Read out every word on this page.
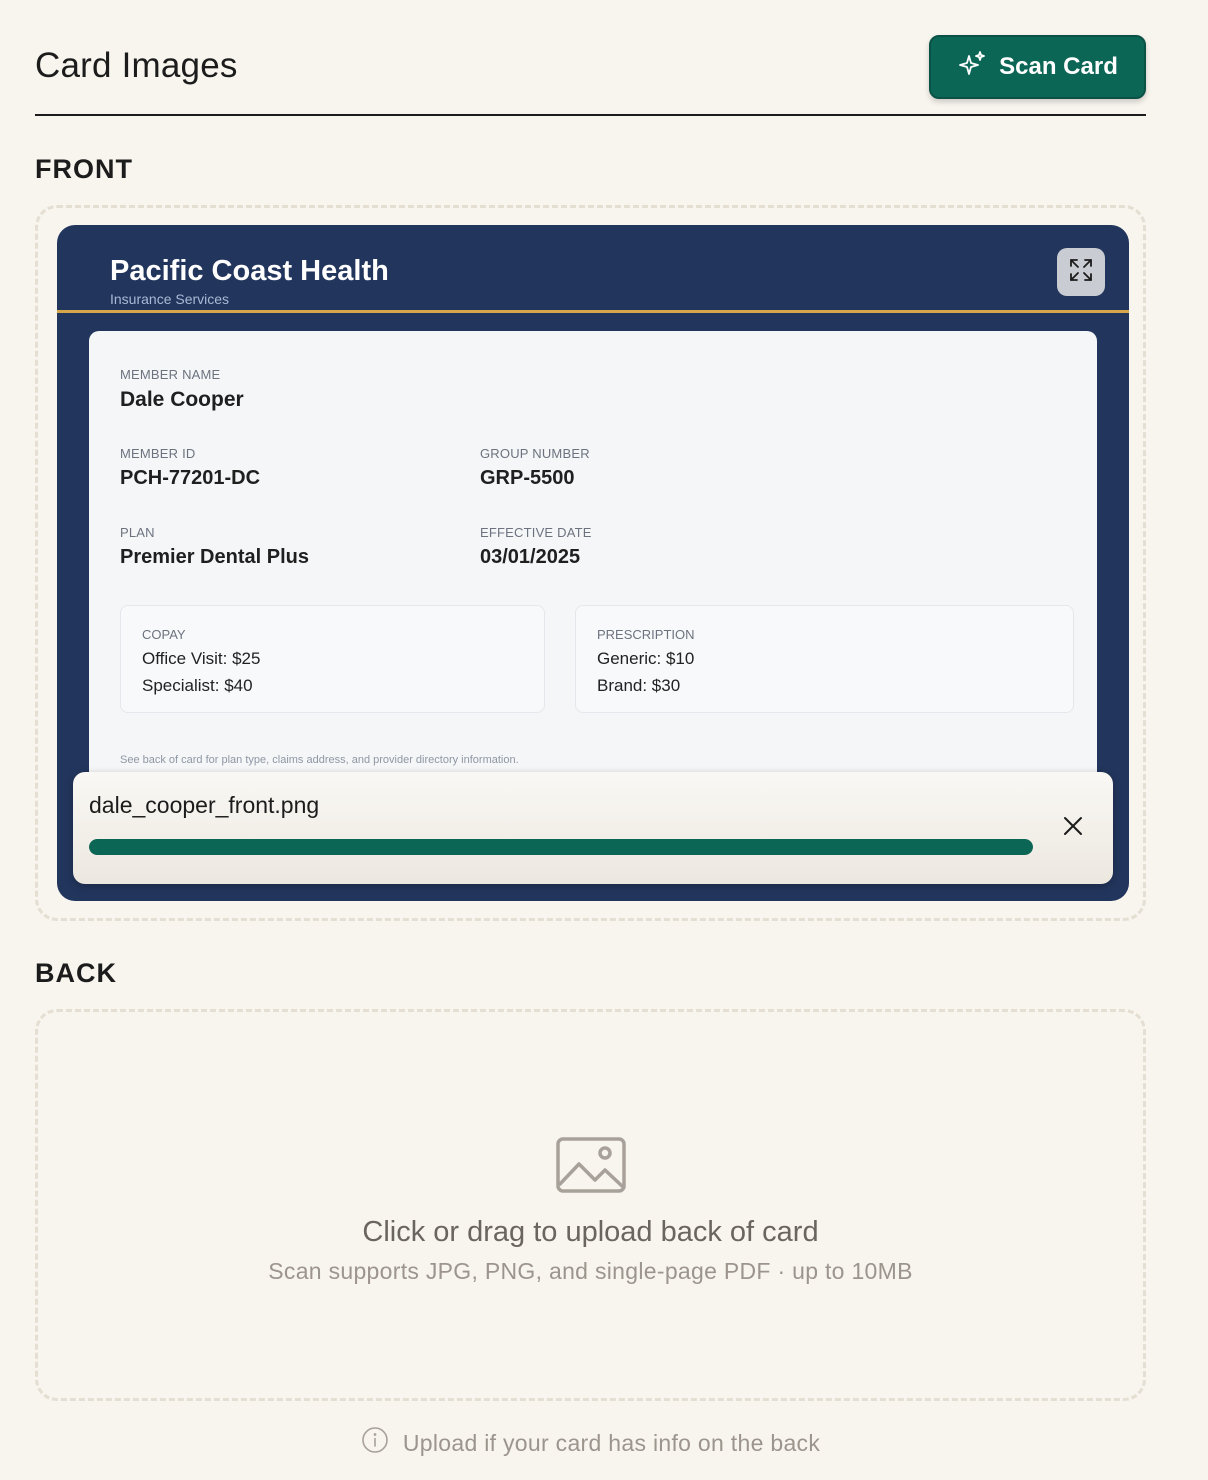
Card Images	Scan Card
FRONT
Pacific Coast Health
Insurance Services
MEMBER NAME
Dale Cooper
MEMBER ID
PCH-77201-DC
GROUP NUMBER
GRP-5500
PLAN
Premier Dental Plus
EFFECTIVE DATE
03/01/2025
COPAY
Office Visit: $25
Specialist: $40
PRESCRIPTION
Generic: $10
Brand: $30
See back of card for plan type, claims address, and provider directory information.
dale_cooper_front.png
BACK
Click or drag to upload back of card
Scan supports JPG, PNG, and single-page PDF · up to 10MB
Upload if your card has info on the back
